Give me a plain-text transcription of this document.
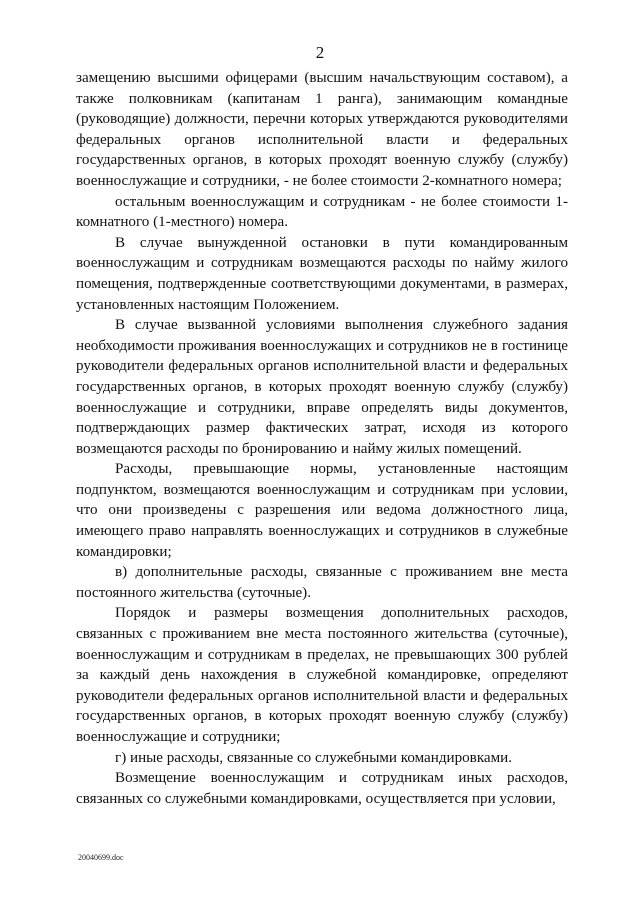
2

замещению высшими офицерами (высшим начальствующим составом), а также полковникам (капитанам 1 ранга), занимающим командные (руководящие) должности, перечни которых утверждаются руководителями федеральных органов исполнительной власти и федеральных государственных органов, в которых проходят военную службу (службу) военнослужащие и сотрудники, - не более стоимости 2-комнатного номера;

остальным военнослужащим и сотрудникам - не более стоимости 1-комнатного (1-местного) номера.

В случае вынужденной остановки в пути командированным военнослужащим и сотрудникам возмещаются расходы по найму жилого помещения, подтвержденные соответствующими документами, в размерах, установленных настоящим Положением.

В случае вызванной условиями выполнения служебного задания необходимости проживания военнослужащих и сотрудников не в гостинице руководители федеральных органов исполнительной власти и федеральных государственных органов, в которых проходят военную службу (службу) военнослужащие и сотрудники, вправе определять виды документов, подтверждающих размер фактических затрат, исходя из которого возмещаются расходы по бронированию и найму жилых помещений.

Расходы, превышающие нормы, установленные настоящим подпунктом, возмещаются военнослужащим и сотрудникам при условии, что они произведены с разрешения или ведома должностного лица, имеющего право направлять военнослужащих и сотрудников в служебные командировки;

в) дополнительные расходы, связанные с проживанием вне места постоянного жительства (суточные).

Порядок и размеры возмещения дополнительных расходов, связанных с проживанием вне места постоянного жительства (суточные), военнослужащим и сотрудникам в пределах, не превышающих 300 рублей за каждый день нахождения в служебной командировке, определяют руководители федеральных органов исполнительной власти и федеральных государственных органов, в которых проходят военную службу (службу) военнослужащие и сотрудники;

г) иные расходы, связанные со служебными командировками.

Возмещение военнослужащим и сотрудникам иных расходов, связанных со служебными командировками, осуществляется при условии,

20040699.doc
